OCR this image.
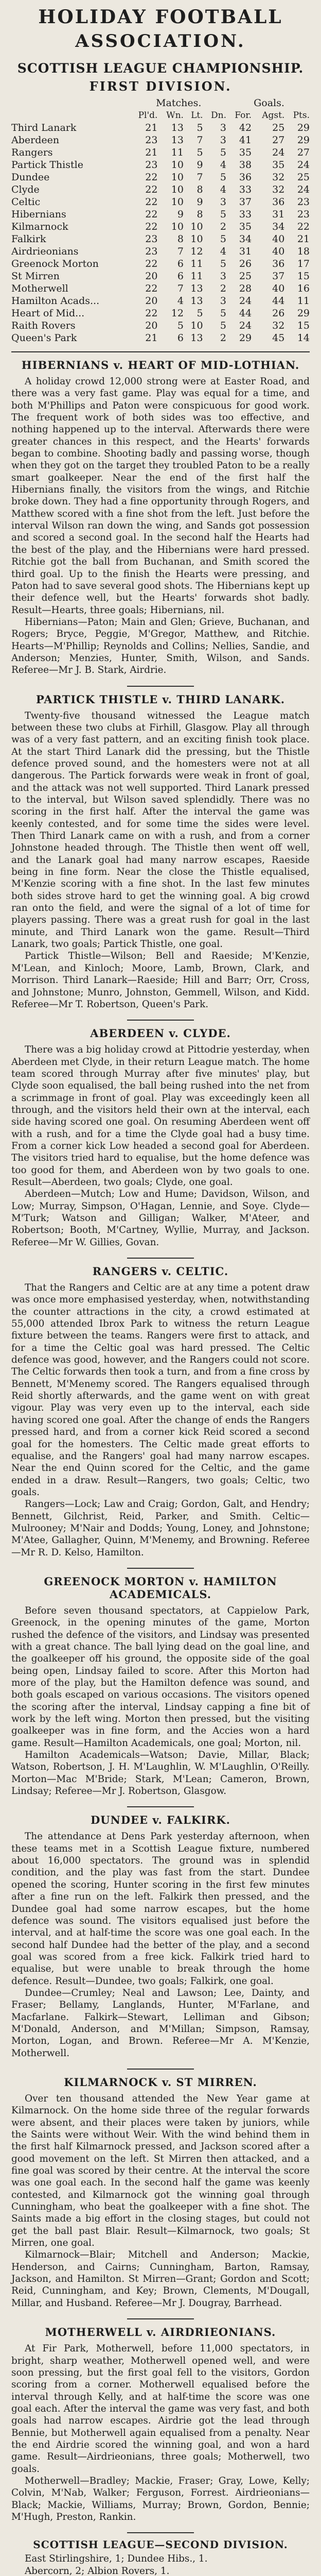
HOLIDAY FOOTBALL
ASSOCIATION.
SCOTTISH LEAGUE CHAMPIONSHIP.
FIRST DIVISION.
	Matches.				Goals.		
	Pl'd.	Wn.	Lt.	Dn.	For.	Agst.	Pts.
Third Lanark	21	13	5	3	42	25	29
Aberdeen	23	13	7	3	41	27	29
Rangers	21	11	5	5	35	24	27
Partick Thistle	23	10	9	4	38	35	24
Dundee	22	10	7	5	36	32	25
Clyde	22	10	8	4	33	32	24
Celtic	22	10	9	3	37	36	23
Hibernians	22	9	8	5	33	31	23
Kilmarnock	22	10	10	2	35	34	22
Falkirk	23	8	10	5	34	40	21
Airdrieonians	23	7	12	4	31	40	18
Greenock Morton	22	6	11	5	26	36	17
St Mirren	20	6	11	3	25	37	15
Motherwell	22	7	13	2	28	40	16
Hamilton Acads...	20	4	13	3	24	44	11
Heart of Mid...	22	12	5	5	44	26	29
Raith Rovers	20	5	10	5	24	32	15
Queen's Park	21	6	13	2	29	45	14
HIBERNIANS v. HEART OF MID-LOTHIAN.

A holiday crowd 12,000 strong were at Easter Road, and there was a very fast game. Play was equal for a time, and both M'Phillips and Paton were conspicuous for good work. The frequent work of both sides was too effective, and nothing happened up to the interval. Afterwards there were greater chances in this respect, and the Hearts' forwards began to combine. Shooting badly and passing worse, though when they got on the target they troubled Paton to be a really smart goalkeeper. Near the end of the first half the Hibernians finally, the visitors from the wings, and Ritchie broke down. They had a fine opportunity through Rogers, and Matthew scored with a fine shot from the left. Just before the interval Wilson ran down the wing, and Sands got possession and scored a second goal. In the second half the Hearts had the best of the play, and the Hibernians were hard pressed. Ritchie got the ball from Buchanan, and Smith scored the third goal. Up to the finish the Hearts were pressing, and Paton had to save several good shots. The Hibernians kept up their defence well, but the Hearts' forwards shot badly. Result—Hearts, three goals; Hibernians, nil.

Hibernians—Paton; Main and Glen; Grieve, Buchanan, and Rogers; Bryce, Peggie, M'Gregor, Matthew, and Ritchie. Hearts—M'Phillip; Reynolds and Collins; Nellies, Sandie, and Anderson; Menzies, Hunter, Smith, Wilson, and Sands. Referee—Mr J. B. Stark, Airdrie.

PARTICK THISTLE v. THIRD LANARK.

Twenty-five thousand witnessed the League match between these two clubs at Firhill, Glasgow. Play all through was of a very fast pattern, and an exciting finish took place. At the start Third Lanark did the pressing, but the Thistle defence proved sound, and the homesters were not at all dangerous. The Partick forwards were weak in front of goal, and the attack was not well supported. Third Lanark pressed to the interval, but Wilson saved splendidly. There was no scoring in the first half. After the interval the game was keenly contested, and for some time the sides were level. Then Third Lanark came on with a rush, and from a corner Johnstone headed through. The Thistle then went off well, and the Lanark goal had many narrow escapes, Raeside being in fine form. Near the close the Thistle equalised, M'Kenzie scoring with a fine shot. In the last few minutes both sides strove hard to get the winning goal. A big crowd ran onto the field, and were the signal of a lot of time for players passing. There was a great rush for goal in the last minute, and Third Lanark won the game. Result—Third Lanark, two goals; Partick Thistle, one goal.

Partick Thistle—Wilson; Bell and Raeside; M'Kenzie, M'Lean, and Kinloch; Moore, Lamb, Brown, Clark, and Morrison. Third Lanark—Raeside; Hill and Barr; Orr, Cross, and Johnstone; Munro, Johnston, Gemmell, Wilson, and Kidd. Referee—Mr T. Robertson, Queen's Park.

ABERDEEN v. CLYDE.

There was a big holiday crowd at Pittodrie yesterday, when Aberdeen met Clyde, in their return League match. The home team scored through Murray after five minutes' play, but Clyde soon equalised, the ball being rushed into the net from a scrimmage in front of goal. Play was exceedingly keen all through, and the visitors held their own at the interval, each side having scored one goal. On resuming Aberdeen went off with a rush, and for a time the Clyde goal had a busy time. From a corner kick Low headed a second goal for Aberdeen. The visitors tried hard to equalise, but the home defence was too good for them, and Aberdeen won by two goals to one. Result—Aberdeen, two goals; Clyde, one goal.

Aberdeen—Mutch; Low and Hume; Davidson, Wilson, and Low; Murray, Simpson, O'Hagan, Lennie, and Soye. Clyde—M'Turk; Watson and Gilligan; Walker, M'Ateer, and Robertson; Booth, M'Cartney, Wyllie, Murray, and Jackson. Referee—Mr W. Gillies, Govan.

RANGERS v. CELTIC.

That the Rangers and Celtic are at any time a potent draw was once more emphasised yesterday, when, notwithstanding the counter attractions in the city, a crowd estimated at 55,000 attended Ibrox Park to witness the return League fixture between the teams. Rangers were first to attack, and for a time the Celtic goal was hard pressed. The Celtic defence was good, however, and the Rangers could not score. The Celtic forwards then took a turn, and from a fine cross by Bennett, M'Menemy scored. The Rangers equalised through Reid shortly afterwards, and the game went on with great vigour. Play was very even up to the interval, each side having scored one goal. After the change of ends the Rangers pressed hard, and from a corner kick Reid scored a second goal for the homesters. The Celtic made great efforts to equalise, and the Rangers' goal had many narrow escapes. Near the end Quinn scored for the Celtic, and the game ended in a draw. Result—Rangers, two goals; Celtic, two goals.

Rangers—Lock; Law and Craig; Gordon, Galt, and Hendry; Bennett, Gilchrist, Reid, Parker, and Smith. Celtic—Mulrooney; M'Nair and Dodds; Young, Loney, and Johnstone; M'Atee, Gallagher, Quinn, M'Menemy, and Browning. Referee—Mr R. D. Kelso, Hamilton.

GREENOCK MORTON v. HAMILTON ACADEMICALS.

Before seven thousand spectators, at Cappielow Park, Greenock, in the opening minutes of the game, Morton rushed the defence of the visitors, and Lindsay was presented with a great chance. The ball lying dead on the goal line, and the goalkeeper off his ground, the opposite side of the goal being open, Lindsay failed to score. After this Morton had more of the play, but the Hamilton defence was sound, and both goals escaped on various occasions. The visitors opened the scoring after the interval, Lindsay capping a fine bit of work by the left wing. Morton then pressed, but the visiting goalkeeper was in fine form, and the Accies won a hard game. Result—Hamilton Academicals, one goal; Morton, nil.

Hamilton Academicals—Watson; Davie, Millar, Black; Watson, Robertson, J. H. M'Laughlin, W. M'Laughlin, O'Reilly. Morton—Mac M'Bride; Stark, M'Lean; Cameron, Brown, Lindsay; Referee—Mr J. Robertson, Glasgow.

DUNDEE v. FALKIRK.

The attendance at Dens Park yesterday afternoon, when these teams met in a Scottish League fixture, numbered about 16,000 spectators. The ground was in splendid condition, and the play was fast from the start. Dundee opened the scoring, Hunter scoring in the first few minutes after a fine run on the left. Falkirk then pressed, and the Dundee goal had some narrow escapes, but the home defence was sound. The visitors equalised just before the interval, and at half-time the score was one goal each. In the second half Dundee had the better of the play, and a second goal was scored from a free kick. Falkirk tried hard to equalise, but were unable to break through the home defence. Result—Dundee, two goals; Falkirk, one goal.

Dundee—Crumley; Neal and Lawson; Lee, Dainty, and Fraser; Bellamy, Langlands, Hunter, M'Farlane, and Macfarlane. Falkirk—Stewart, Lelliman and Gibson; M'Donald, Anderson, and M'Millan; Simpson, Ramsay, Morton, Logan, and Brown. Referee—Mr A. M'Kenzie, Motherwell.

KILMARNOCK v. ST MIRREN.

Over ten thousand attended the New Year game at Kilmarnock. On the home side three of the regular forwards were absent, and their places were taken by juniors, while the Saints were without Weir. With the wind behind them in the first half Kilmarnock pressed, and Jackson scored after a good movement on the left. St Mirren then attacked, and a fine goal was scored by their centre. At the interval the score was one goal each. In the second half the game was keenly contested, and Kilmarnock got the winning goal through Cunningham, who beat the goalkeeper with a fine shot. The Saints made a big effort in the closing stages, but could not get the ball past Blair. Result—Kilmarnock, two goals; St Mirren, one goal.

Kilmarnock—Blair; Mitchell and Anderson; Mackie, Henderson, and Cairns; Cunningham, Barton, Ramsay, Jackson, and Hamilton. St Mirren—Grant; Gordon and Scott; Reid, Cunningham, and Key; Brown, Clements, M'Dougall, Millar, and Husband. Referee—Mr J. Dougray, Barrhead.

MOTHERWELL v. AIRDRIEONIANS.

At Fir Park, Motherwell, before 11,000 spectators, in bright, sharp weather, Motherwell opened well, and were soon pressing, but the first goal fell to the visitors, Gordon scoring from a corner. Motherwell equalised before the interval through Kelly, and at half-time the score was one goal each. After the interval the game was very fast, and both goals had narrow escapes. Airdrie got the lead through Bennie, but Motherwell again equalised from a penalty. Near the end Airdrie scored the winning goal, and won a hard game. Result—Airdrieonians, three goals; Motherwell, two goals.

Motherwell—Bradley; Mackie, Fraser; Gray, Lowe, Kelly; Colvin, M'Nab, Walker; Ferguson, Forrest. Airdrieonians—Black; Mackie, Williams, Murray; Brown, Gordon, Bennie; M'Hugh, Preston, Rankin.

SCOTTISH LEAGUE—SECOND DIVISION.

East Stirlingshire, 1; Dundee Hibs., 1.

Abercorn, 2; Albion Rovers, 1.
